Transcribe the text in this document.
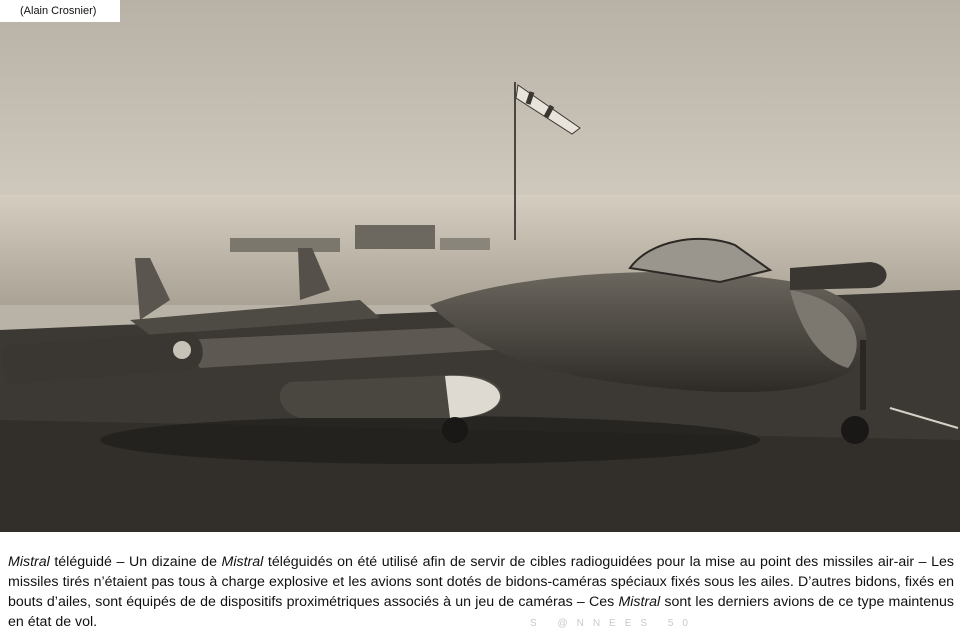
(Alain Crosnier)

Mistral téléguidé – Un dizaine de Mistral téléguidés on été utilisé afin de servir de cibles radioguidées pour la mise au point des missiles air-air – Les missiles tirés n’étaient pas tous à charge explosive et les avions sont dotés de bidons-caméras spéciaux fixés sous les ailes. D’autres bidons, fixés en bouts d’ailes, sont équipés de de dispositifs proximétriques associés à un jeu de caméras – Ces Mistral sont les derniers avions de ce type maintenus en état de vol.	S @NNEES 50
